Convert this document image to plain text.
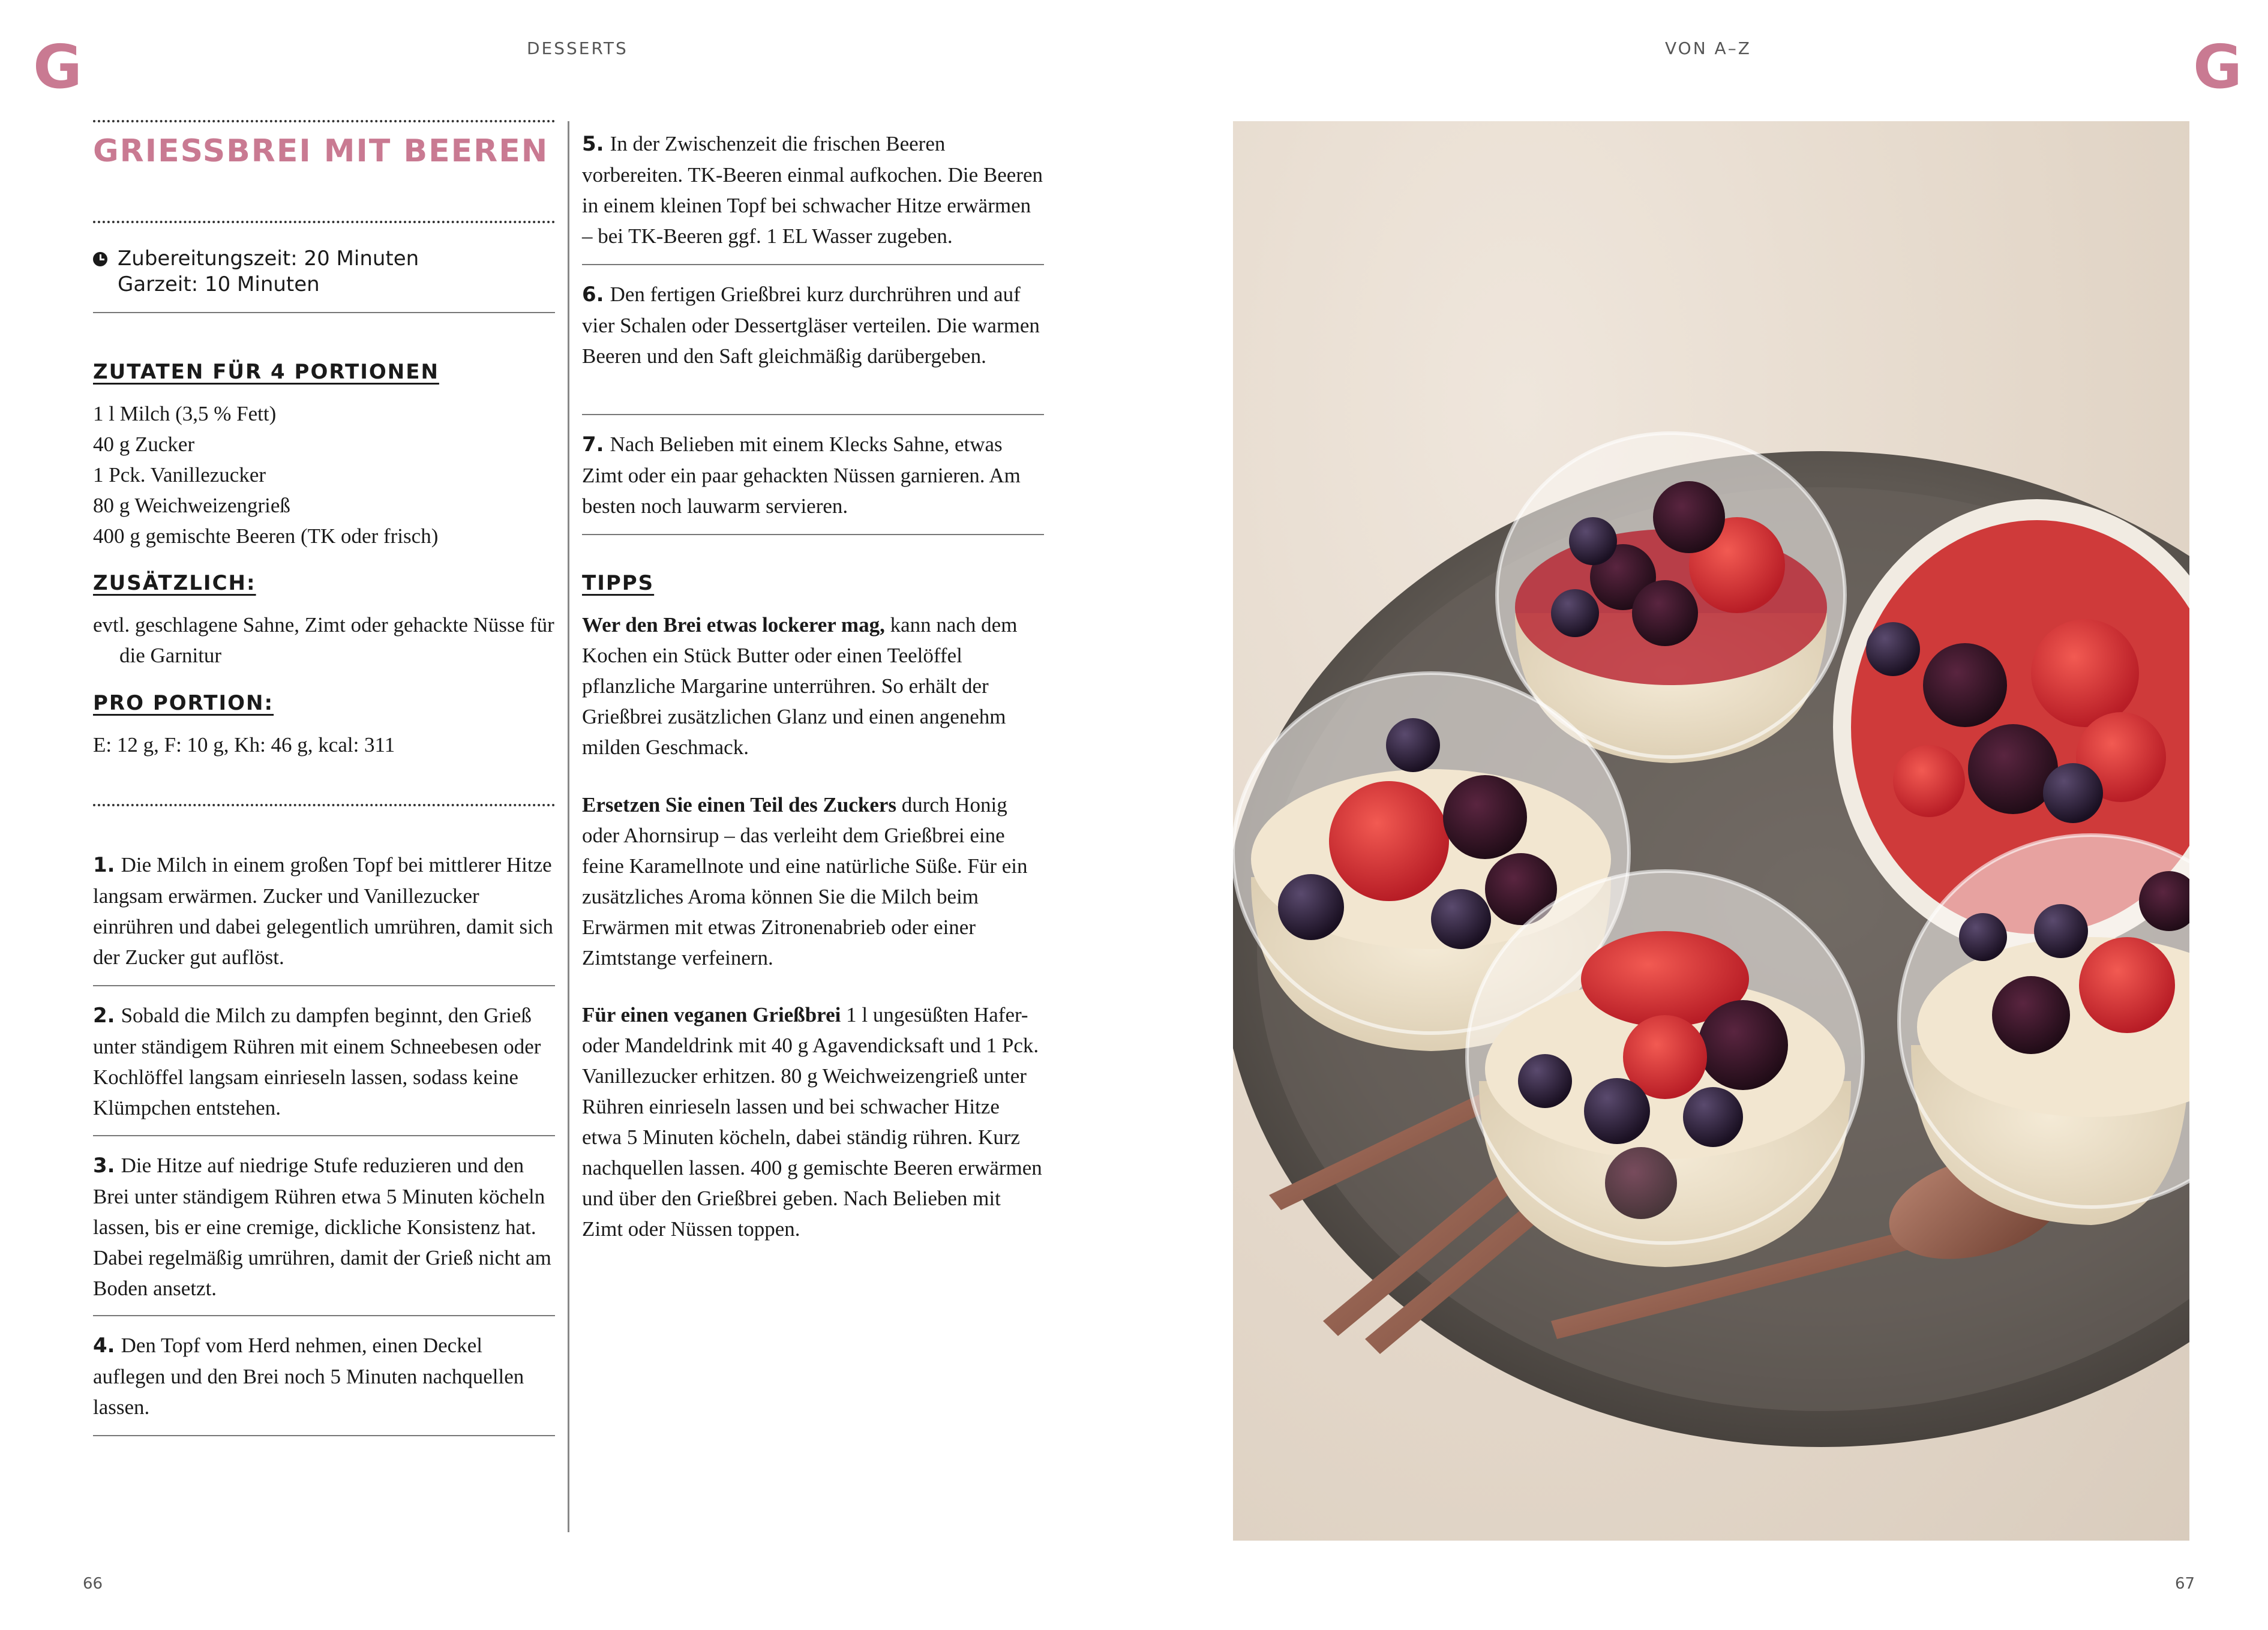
G	G
DESSERTS	VON A–Z
GRIESSBREI MIT BEEREN
Zubereitungszeit: 20 Minuten
Garzeit: 10 Minuten
ZUTATEN FÜR 4 PORTIONEN

1 l Milch (3,5 % Fett)

40 g Zucker

1 Pck. Vanillezucker

80 g Weichweizengrieß

400 g gemischte Beeren (TK oder frisch)

ZUSÄTZLICH:
evtl. geschlagene Sahne, Zimt oder gehackte Nüsse für die Garnitur
PRO PORTION:
E: 12 g, F: 10 g, Kh: 46 g, kcal: 311
1. Die Milch in einem großen Topf bei mittlerer Hitze langsam erwärmen. Zucker und Vanillezucker einrühren und dabei gelegentlich umrühren, damit sich der Zucker gut auflöst.
2. Sobald die Milch zu dampfen beginnt, den Grieß unter ständigem Rühren mit einem Schneebesen oder Kochlöffel langsam einrieseln lassen, sodass keine Klümpchen entstehen.
3. Die Hitze auf niedrige Stufe reduzieren und den Brei unter ständigem Rühren etwa 5 Minuten köcheln lassen, bis er eine cremige, dickliche Konsistenz hat. Dabei regelmäßig umrühren, damit der Grieß nicht am Boden ansetzt.
4. Den Topf vom Herd nehmen, einen Deckel auflegen und den Brei noch 5 Minuten nachquellen lassen.
5. In der Zwischenzeit die frischen Beeren vorbereiten. TK-Beeren einmal aufkochen. Die Beeren in einem kleinen Topf bei schwacher Hitze erwärmen – bei TK-Beeren ggf. 1 EL Wasser zugeben.
6. Den fertigen Grießbrei kurz durchrühren und auf vier Schalen oder Dessertgläser verteilen. Die warmen Beeren und den Saft gleichmäßig darübergeben.
7. Nach Belieben mit einem Klecks Sahne, etwas Zimt oder ein paar gehackten Nüssen garnieren. Am besten noch lauwarm servieren.
TIPPS
Wer den Brei etwas lockerer mag, kann nach dem Kochen ein Stück Butter oder einen Teelöffel pflanzliche Margarine unterrühren. So erhält der Grießbrei zusätzlichen Glanz und einen angenehm milden Geschmack.
Ersetzen Sie einen Teil des Zuckers durch Honig oder Ahornsirup – das verleiht dem Grießbrei eine feine Karamellnote und eine natürliche Süße. Für ein zusätzliches Aroma können Sie die Milch beim Erwärmen mit etwas Zitronenabrieb oder einer Zimtstange verfeinern.
Für einen veganen Grießbrei 1 l ungesüßten Hafer- oder Mandeldrink mit 40 g Agavendicksaft und 1 Pck. Vanillezucker erhitzen. 80 g Weichweizengrieß unter Rühren einrieseln lassen und bei schwacher Hitze etwa 5 Minuten köcheln, dabei ständig rühren. Kurz nachquellen lassen. 400 g gemischte Beeren erwärmen und über den Grießbrei geben. Nach Belieben mit Zimt oder Nüssen toppen.
66	67
